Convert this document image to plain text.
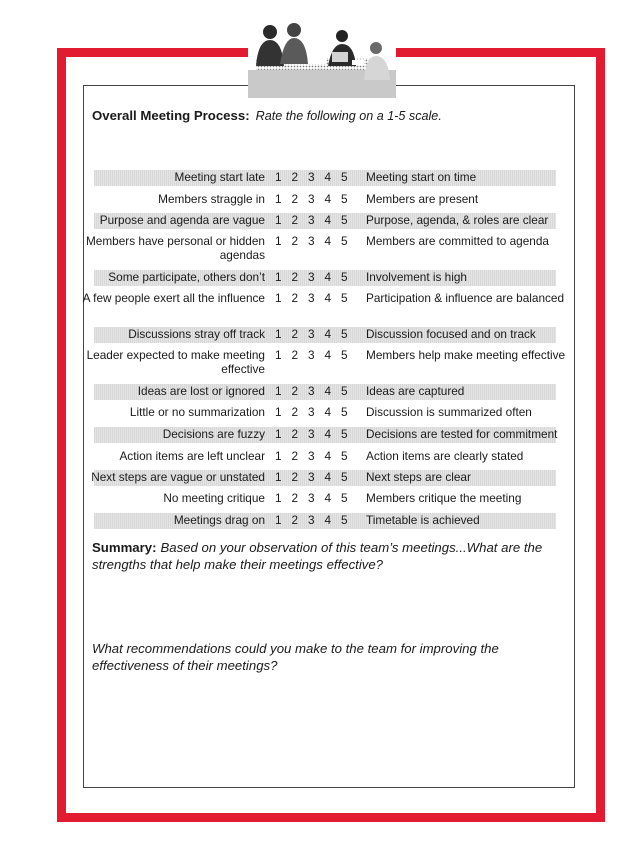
Overall Meeting Process: Rate the following on a 1-5 scale.
Meeting start late 1 2 3 4 5	Meeting start on time
Members straggle in 1 2 3 4 5	Members are present
Purpose and agenda are vague 1 2 3 4 5	Purpose, agenda, & roles are clear
Members have personal or hidden agendas
1 2 3 4 5	Members are committed to agenda
Some participate, others don’t 1 2 3 4 5	Involvement is high
A few people exert all the influence 1 2 3 4 5	Participation & influence are balanced
Discussions stray off track 1 2 3 4 5	Discussion focused and on track
Leader expected to make meeting effective
1 2 3 4 5	Members help make meeting effective
Ideas are lost or ignored 1 2 3 4 5	Ideas are captured
Little or no summarization 1 2 3 4 5	Discussion is summarized often
Decisions are fuzzy 1 2 3 4 5	Decisions are tested for commitment
Action items are left unclear 1 2 3 4 5	Action items are clearly stated
Next steps are vague or unstated 1 2 3 4 5	Next steps are clear
No meeting critique 1 2 3 4 5	Members critique the meeting
Meetings drag on 1 2 3 4 5	Timetable is achieved
Summary: Based on your observation of this team’s meetings...What are the strengths that help make their meetings effective?
What recommendations could you make to the team for improving the effectiveness of their meetings?
